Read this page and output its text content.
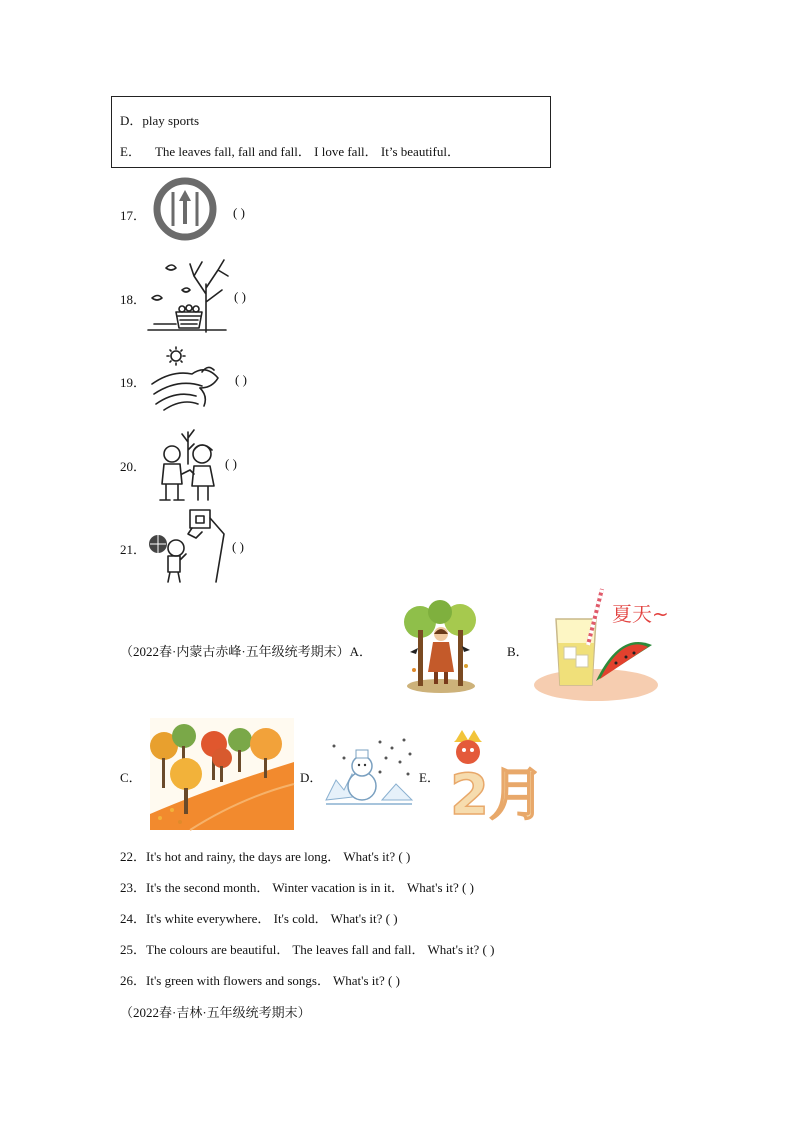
D．play sports
E． The leaves fall, fall and fall． I love fall． It’s beautiful．
17．	( )
18．	( )
19．	( )
20．	( )
21．	( )
（2022春·内蒙古赤峰·五年级统考期末）A．	B．
夏天~
C．	D．	E． 2月
22．It's hot and rainy, the days are long． What's it? ( )
23．It's the second month． Winter vacation is in it． What's it? ( )
24．It's white everywhere． It's cold． What's it? ( )
25．The colours are beautiful． The leaves fall and fall． What's it? ( )
26．It's green with flowers and songs． What's it? ( )
（2022春·吉林·五年级统考期末）
